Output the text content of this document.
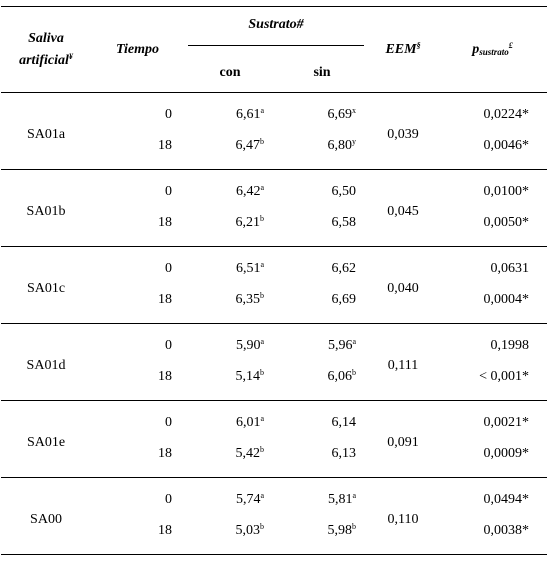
Saliva
artificial¥	Tiempo	Sustrato#		EEM§	psustrato£
		con	sin		
SA01a	0	6,61$^a$	6,69$^x$	0,039	0,0224*
	18	6,47$^b$	6,80$^y$		0,0046*
SA01b	0	6,42$^a$	6,50	0,045	0,0100*
	18	6,21$^b$	6,58		0,0050*
SA01c	0	6,51$^a$	6,62	0,040	0,0631
	18	6,35$^b$	6,69		0,0004*
SA01d	0	5,90$^a$	5,96$^a$	0,111	0,1998
	18	5,14$^b$	6,06$^b$		< 0,001*
SA01e	0	6,01$^a$	6,14	0,091	0,0021*
	18	5,42$^b$	6,13		0,0009*
SA00	0	5,74$^a$	5,81$^a$	0,110	0,0494*
	18	5,03$^b$	5,98$^b$		0,0038*
